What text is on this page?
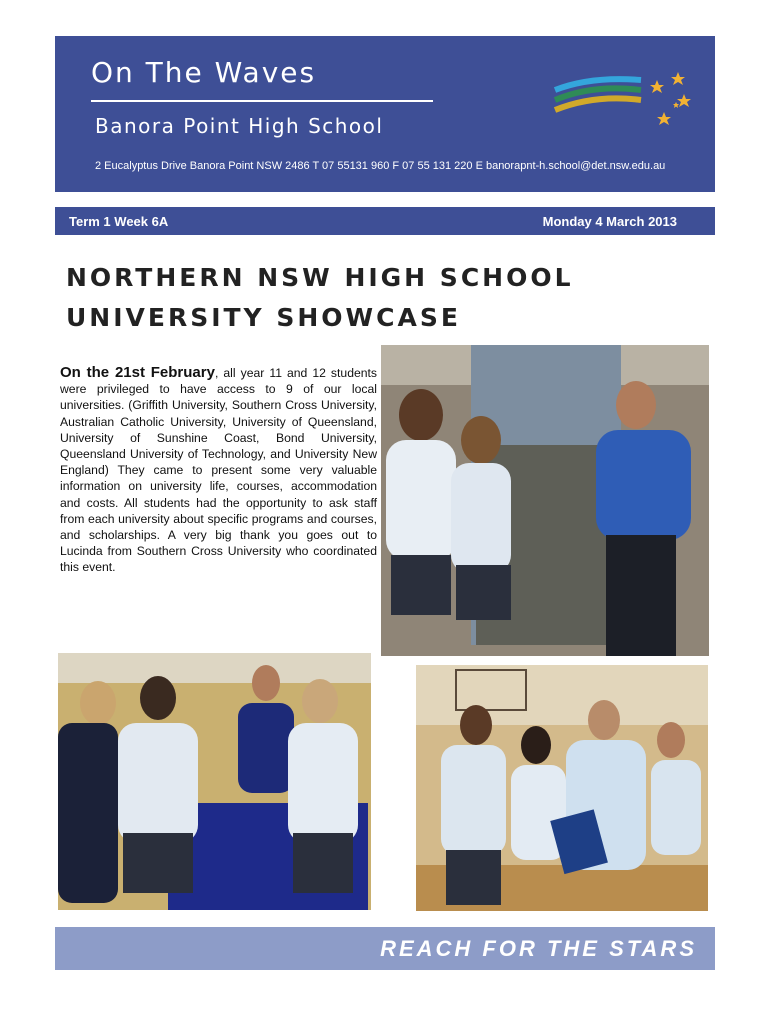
On The Waves
Banora Point High School
2 Eucalyptus Drive Banora Point NSW 2486 T 07 55131 960 F 07 55 131 220 E banorapnt-h.school@det.nsw.edu.au
Term 1 Week 6A	Monday 4 March 2013
NORTHERN NSW HIGH SCHOOL
UNIVERSITY SHOWCASE
On the 21st February, all year 11 and 12 students were privileged to have access to 9 of our local universities. (Griffith University, Southern Cross University, Australian Catholic University, University of Queensland, University of Sunshine Coast, Bond University, Queensland University of Technology, and University New England) They came to present some very valuable information on university life, courses, accommodation and costs. All students had the opportunity to ask staff from each university about specific programs and courses, and scholarships. A very big thank you goes out to Lucinda from Southern Cross University who coordinated this event.
REACH FOR THE STARS
